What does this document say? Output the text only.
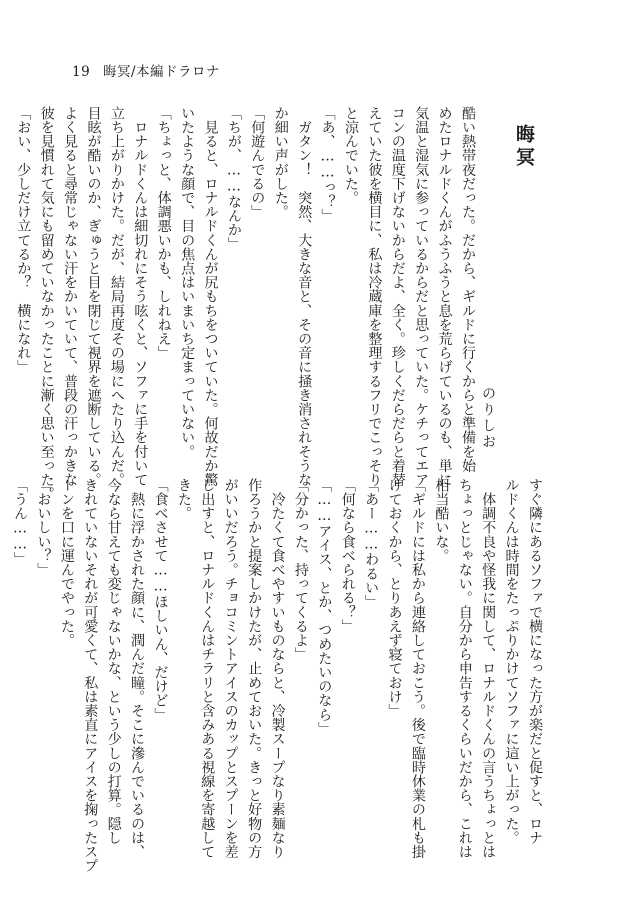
19 晦冥/本編ドラロナ
晦冥
のりしお
酷い熱帯夜だった。だから、ギルドに行くからと準備を始
めたロナルドくんがふうふうと息を荒らげているのも、単に
気温と湿気に参っているからだと思っていた。ケチってエア
コンの温度下げないからだよ、全く。珍しくだらだらと着替
えていた彼を横目に、私は冷蔵庫を整理するフリでこっそり
と涼んでいた。
「あ、……っ？」
　ガタン！　突然、大きな音と、その音に掻き消されそうな
か細い声がした。
「何遊んでるの」
「ちが、……なんか」
　見ると、ロナルドくんが尻もちをついていた。何故だか驚
いたような顔で、目の焦点はいまいち定まっていない。
「ちょっと、体調悪いかも、しれねえ」
　ロナルドくんは細切れにそう呟くと、ソファに手を付いて
立ち上がりかけた。だが、結局再度その場にへたり込んだ。
目眩が酷いのか、ぎゅうと目を閉じて視界を遮断している。
よく見ると尋常じゃない汗をかいていて、普段の汗っかきな
彼を見慣れて気にも留めていなかったことに漸く思い至った。
「おい、少しだけ立てるか？　横になれ」
すぐ隣にあるソファで横になった方が楽だと促すと、ロナ
ルドくんは時間をたっぷりかけてソファに這い上がった。
　体調不良や怪我に関して、ロナルドくんの言うちょっとは
ちょっとじゃない。自分から申告するくらいだから、これは
相当酷いな。
「ギルドには私から連絡しておこう。後で臨時休業の札も掛
けておくから、とりあえず寝ておけ」
「あー……わるい」
「何なら食べられる？」
「……アイス、とか、つめたいのなら」
「分かった、持ってくるよ」
　冷たくて食べやすいものならと、冷製スープなり素麺なり
作ろうかと提案しかけたが、止めておいた。きっと好物の方
がいいだろう。チョコミントアイスのカップとスプーンを差
し出すと、ロナルドくんはチラリと含みある視線を寄越して
きた。
「食べさせて……ほしいん、だけど」
　熱に浮かされた顔に、潤んだ瞳。そこに滲んでいるのは、
今なら甘えても変じゃないかな、という少しの打算。隠し
きれていないそれが可愛くて、私は素直にアイスを掬ったスプ
ーンを口に運んでやった。
「おいしい？」
「うん……」
